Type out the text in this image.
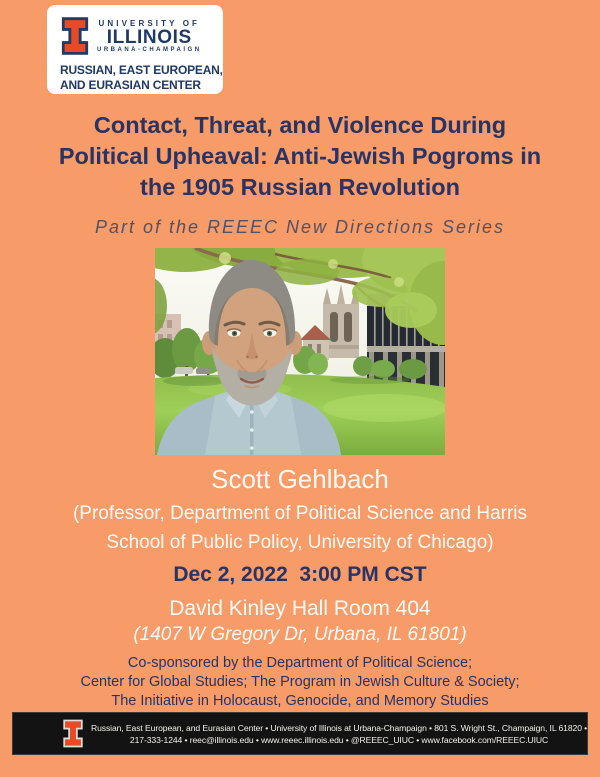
UNIVERSITY OF
ILLINOIS
URBANA-CHAMPAIGN
RUSSIAN, EAST EUROPEAN,
AND EURASIAN CENTER
Contact, Threat, and Violence During
Political Upheaval: Anti-Jewish Pogroms in
the 1905 Russian Revolution
Part of the REEEC New Directions Series
Scott Gehlbach
(Professor, Department of Political Science and Harris
School of Public Policy, University of Chicago)
Dec 2, 2022  3:00 PM CST
David Kinley Hall Room 404
(1407 W Gregory Dr, Urbana, IL 61801)
Co-sponsored by the Department of Political Science;
Center for Global Studies; The Program in Jewish Culture & Society;
The Initiative in Holocaust, Genocide, and Memory Studies
Russian, East European, and Eurasian Center • University of Illinois at Urbana-Champaign • 801 S. Wright St., Champaign, IL 61820 •
217-333-1244 • reec@illinois.edu • www.reeec.illinois.edu • @REEEC_UIUC • www.facebook.com/REEEC.UIUC
